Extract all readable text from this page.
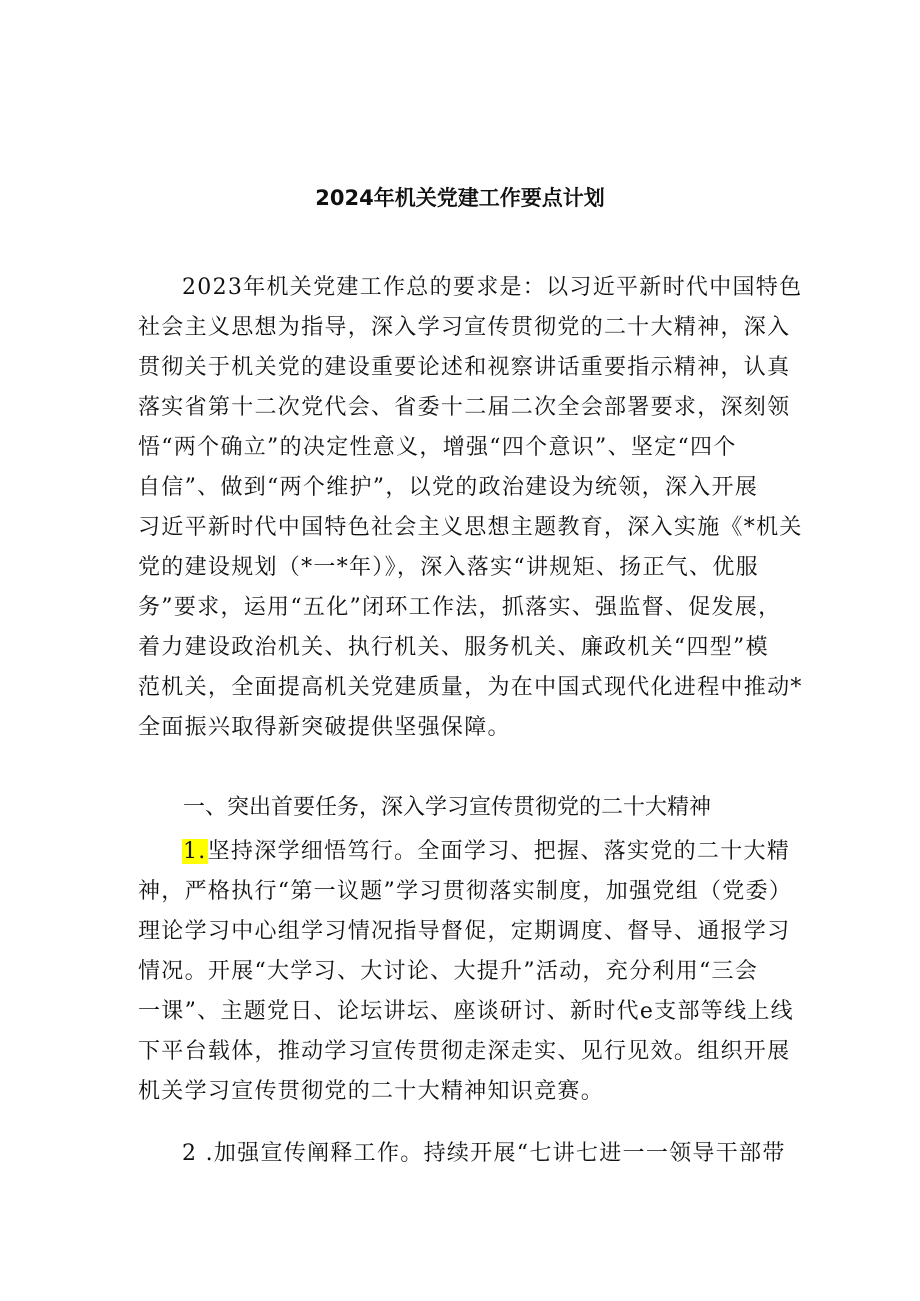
2024年机关党建工作要点计划
2023年机关党建工作总的要求是：以习近平新时代中国特色
社会主义思想为指导，深入学习宣传贯彻党的二十大精神，深入
贯彻关于机关党的建设重要论述和视察讲话重要指示精神，认真
落实省第十二次党代会、省委十二届二次全会部署要求，深刻领
悟“两个确立”的决定性意义，增强“四个意识”、坚定“四个
自信”、做到“两个维护”，以党的政治建设为统领，深入开展
习近平新时代中国特色社会主义思想主题教育，深入实施《*机关
党的建设规划（*一*年）》，深入落实“讲规矩、扬正气、优服
务”要求，运用“五化”闭环工作法，抓落实、强监督、促发展，
着力建设政治机关、执行机关、服务机关、廉政机关“四型”模
范机关，全面提高机关党建质量，为在中国式现代化进程中推动*
全面振兴取得新突破提供坚强保障。
一、突出首要任务，深入学习宣传贯彻党的二十大精神
1.坚持深学细悟笃行。全面学习、把握、落实党的二十大精
神，严格执行“第一议题”学习贯彻落实制度，加强党组（党委）
理论学习中心组学习情况指导督促，定期调度、督导、通报学习
情况。开展“大学习、大讨论、大提升”活动，充分利用“三会
一课”、主题党日、论坛讲坛、座谈研讨、新时代e支部等线上线
下平台载体，推动学习宣传贯彻走深走实、见行见效。组织开展
机关学习宣传贯彻党的二十大精神知识竞赛。
2 .加强宣传阐释工作。持续开展“七讲七进一一领导干部带
